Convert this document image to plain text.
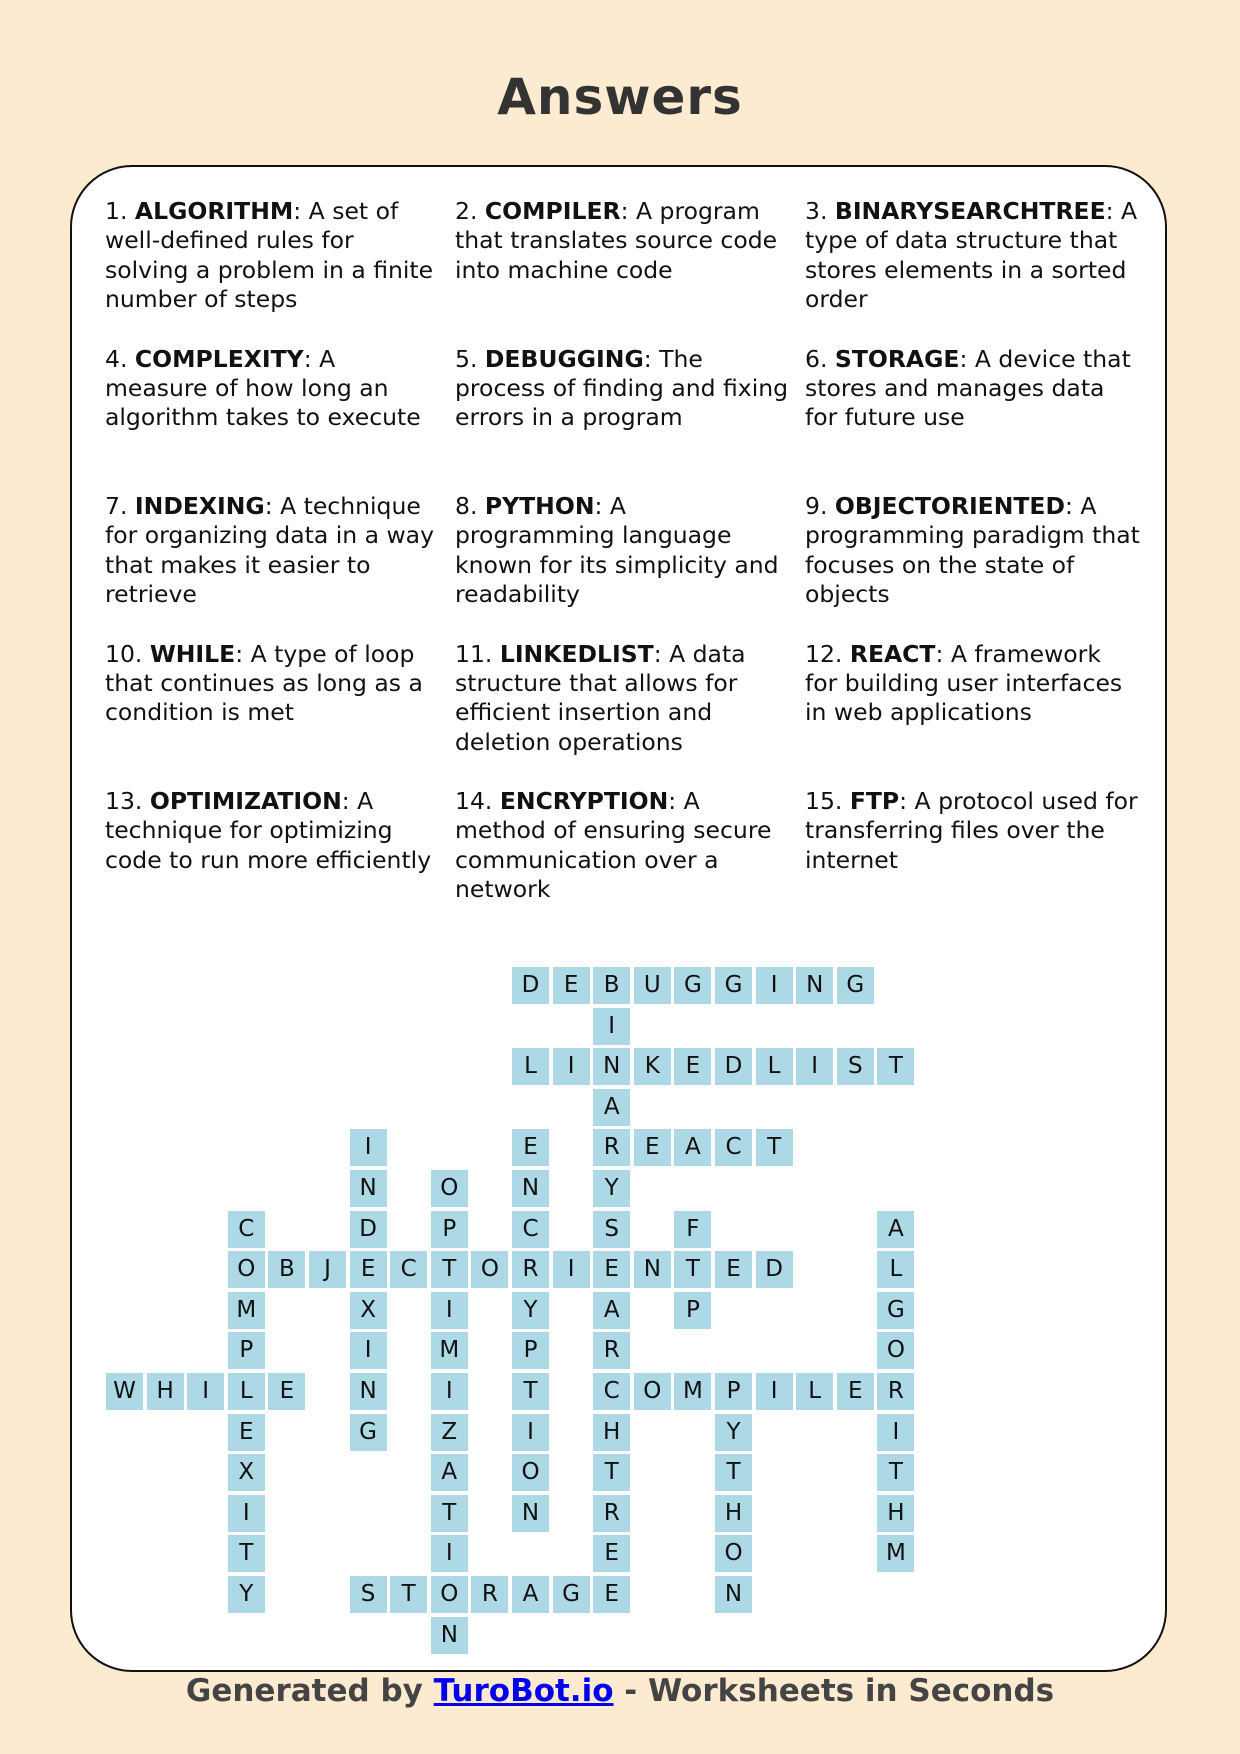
Answers
1. ALGORITHM: A set of well-defined rules for solving a problem in a finite number of steps
2. COMPILER: A program that translates source code into machine code
3. BINARYSEARCHTREE: A type of data structure that stores elements in a sorted order
4. COMPLEXITY: A measure of how long an algorithm takes to execute
5. DEBUGGING: The process of finding and fixing errors in a program
6. STORAGE: A device that stores and manages data for future use
7. INDEXING: A technique for organizing data in a way that makes it easier to retrieve
8. PYTHON: A programming language known for its simplicity and readability
9. OBJECTORIENTED: A programming paradigm that focuses on the state of objects
10. WHILE: A type of loop that continues as long as a condition is met
11. LINKEDLIST: A data structure that allows for efficient insertion and deletion operations
12. REACT: A framework for building user interfaces in web applications
13. OPTIMIZATION: A technique for optimizing code to run more efficiently
14. ENCRYPTION: A method of ensuring secure communication over a network
15. FTP: A protocol used for transferring files over the internet
D	E	B	U	G G	I	N	G
I
N
A
R
Y
S
E
A
R
C
H
T
R
E
E
L	I	K	E	D	L	I	S	T
E	A	C	T
I
N
D
E
X
I
N
G
E
N
C
R
Y
P
T
I
O
N
O
P
T
I
M
I
Z
A
T
I
O
N
C
O
M
P
L
E
X
I
T
Y
F
T
P
A
L
G
O
R
I
T
H
M
B	J	C	O	I	N	E	D
W H	I	E	O M	P	I	L	E
Y
T
H
O
N
S	T	R	A	G
Generated by TuroBot.io - Worksheets in Seconds
